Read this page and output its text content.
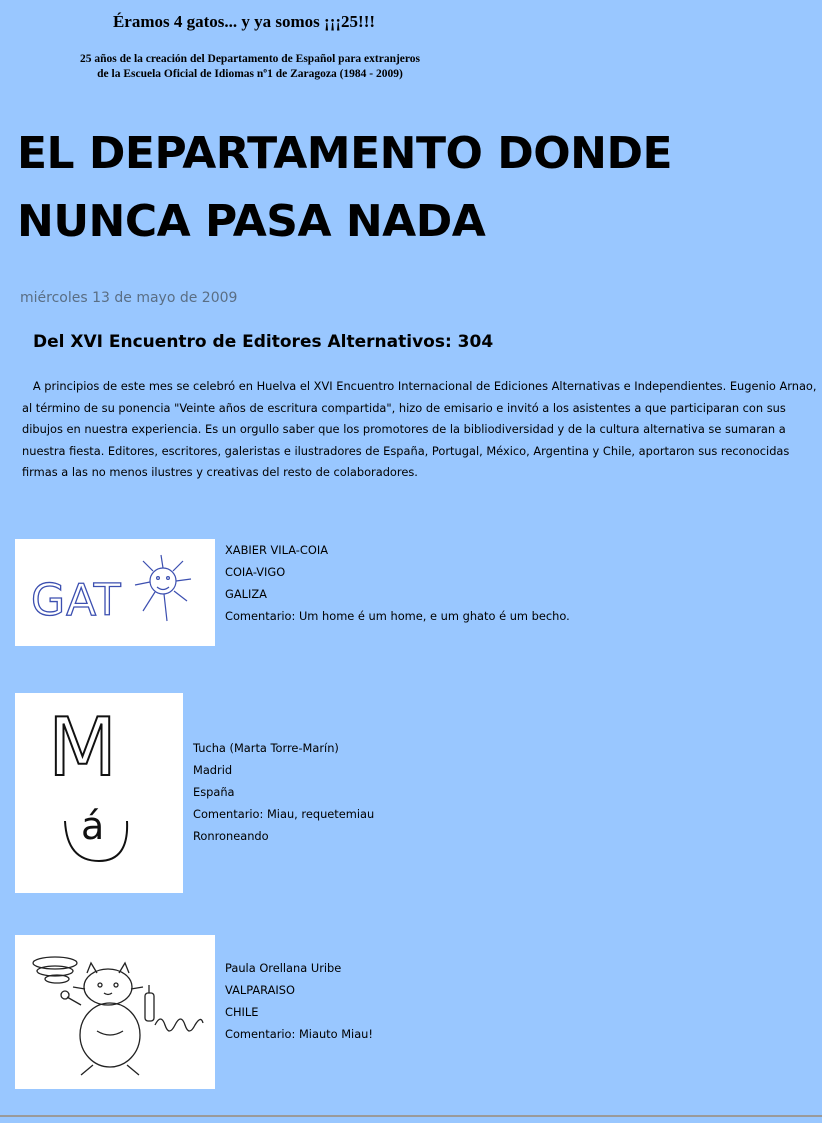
Éramos 4 gatos... y ya somos ¡¡¡25!!!
25 años de la creación del Departamento de Español para extranjeros
de la Escuela Oficial de Idiomas nº1 de Zaragoza (1984 - 2009)
EL DEPARTAMENTO DONDE
NUNCA PASA NADA
miércoles 13 de mayo de 2009
Del XVI Encuentro de Editores Alternativos: 304
A principios de este mes se celebró en Huelva el XVI Encuentro Internacional de Ediciones Alternativas e Independientes. Eugenio Arnao, al término de su ponencia "Veinte años de escritura compartida", hizo de emisario e invitó a los asistentes a que participaran con sus dibujos en nuestra experiencia. Es un orgullo saber que los promotores de la bibliodiversidad y de la cultura alternativa se sumaran a nuestra fiesta. Editores, escritores, galeristas e ilustradores de España, Portugal, México, Argentina y Chile, aportaron sus reconocidas firmas a las no menos ilustres y creativas del resto de colaboradores.
GAT
XABIER VILA-COIA
COIA-VIGO
GALIZA
Comentario: Um home é um home, e um ghato é um becho.
M
á
Tucha (Marta Torre-Marín)
Madrid
España
Comentario: Miau, requetemiau
Ronroneando
Paula Orellana Uribe
VALPARAISO
CHILE
Comentario: Miauto Miau!
